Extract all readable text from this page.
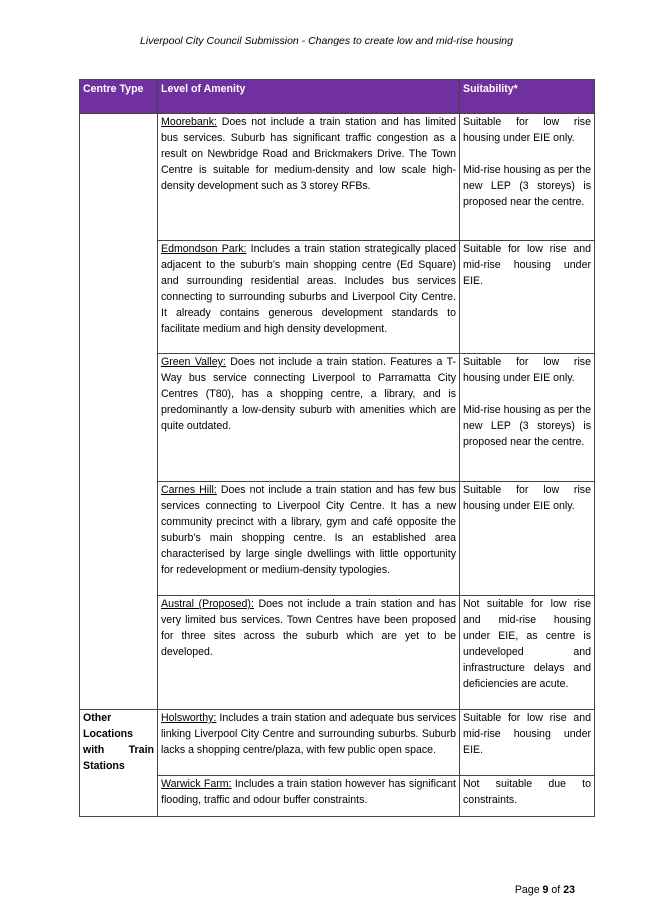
Liverpool City Council Submission - Changes to create low and mid-rise housing
Centre Type	Level of Amenity	Suitability*
	Moorebank: Does not include a train station and has limited bus services. Suburb has significant traffic congestion as a result on Newbridge Road and Brickmakers Drive. The Town Centre is suitable for medium-density and low scale high-density development such as 3 storey RFBs.	Suitable for low rise housing under EIE only.

Mid-rise housing as per the new LEP (3 storeys) is proposed near the centre.

	Edmondson Park: Includes a train station strategically placed adjacent to the suburb’s main shopping centre (Ed Square) and surrounding residential areas. Includes bus services connecting to surrounding suburbs and Liverpool City Centre. It already contains generous development standards to facilitate medium and high density development.	Suitable for low rise and mid-rise housing under EIE.

	Green Valley: Does not include a train station. Features a T-Way bus service connecting Liverpool to Parramatta City Centres (T80), has a shopping centre, a library, and is predominantly a low-density suburb with amenities which are quite outdated.	Suitable for low rise housing under EIE only.

Mid-rise housing as per the new LEP (3 storeys) is proposed near the centre.

	Carnes Hill: Does not include a train station and has few bus services connecting to Liverpool City Centre. It has a new community precinct with a library, gym and café opposite the suburb’s main shopping centre. Is an established area characterised by large single dwellings with little opportunity for redevelopment or medium-density typologies.	Suitable for low rise housing under EIE only.

	Austral (Proposed): Does not include a train station and has very limited bus services. Town Centres have been proposed for three sites across the suburb which are yet to be developed.	Not suitable for low rise and mid-rise housing under EIE, as centre is undeveloped and infrastructure delays and deficiencies are acute.

Other Locations with Train Stations	Holsworthy: Includes a train station and adequate bus services linking Liverpool City Centre and surrounding suburbs. Suburb lacks a shopping centre/plaza, with few public open space.	Suitable for low rise and mid-rise housing under EIE.

	Warwick Farm: Includes a train station however has significant flooding, traffic and odour buffer constraints.	Not suitable due to constraints.

Page 9 of 23
